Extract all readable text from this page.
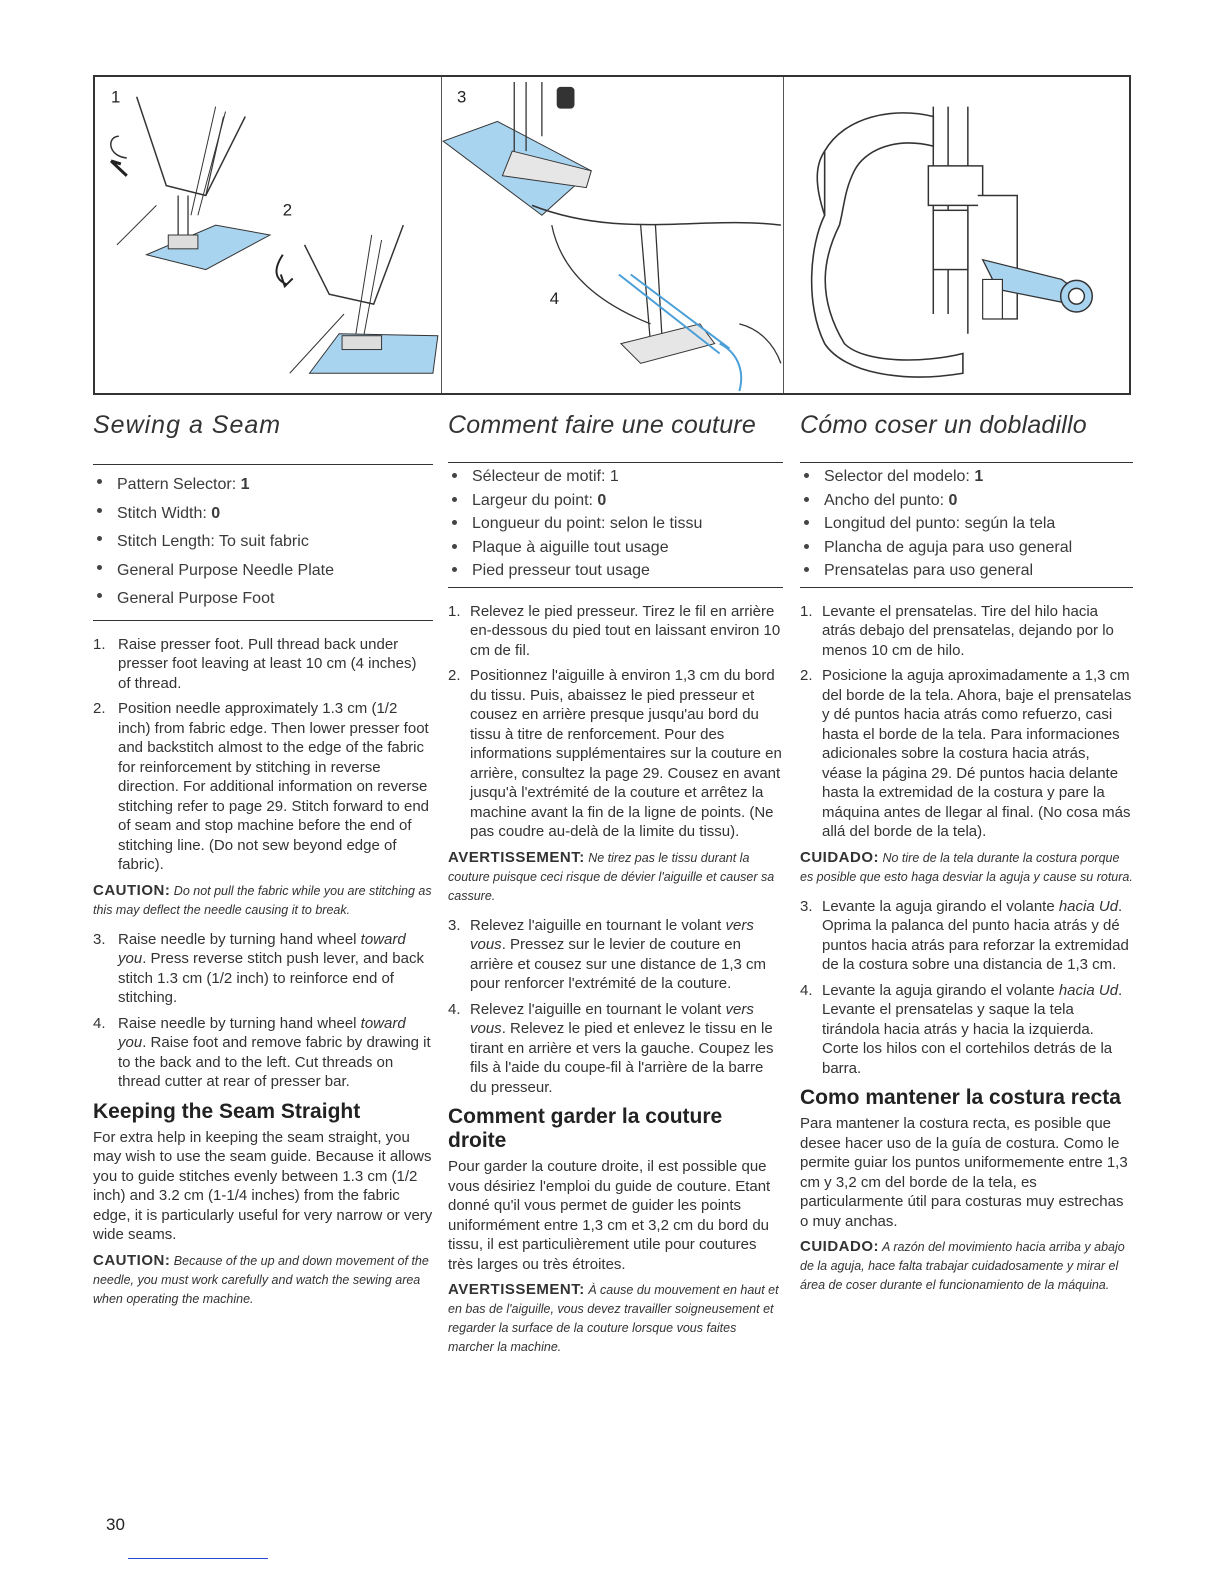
1
2
3
4
Sewing a Seam
Pattern Selector: 1
Stitch Width: 0
Stitch Length: To suit fabric
General Purpose Needle Plate
General Purpose Foot
1. Raise presser foot. Pull thread back under presser foot leaving at least 10 cm (4 inches) of thread.
2. Position needle approximately 1.3 cm (1/2 inch) from fabric edge. Then lower presser foot and backstitch almost to the edge of the fabric for reinforcement by stitching in reverse direction. For additional information on reverse stitching refer to page 29. Stitch forward to end of seam and stop machine before the end of stitching line. (Do not sew beyond edge of fabric).

CAUTION: Do not pull the fabric while you are stitching as this may deflect the needle causing it to break.

3. Raise needle by turning hand wheel toward you. Press reverse stitch push lever, and back stitch 1.3 cm (1/2 inch) to reinforce end of stitching.
4. Raise needle by turning hand wheel toward you. Raise foot and remove fabric by drawing it to the back and to the left. Cut threads on thread cutter at rear of presser bar.
Keeping the Seam Straight

For extra help in keeping the seam straight, you may wish to use the seam guide. Because it allows you to guide stitches evenly between 1.3 cm (1/2 inch) and 3.2 cm (1-1/4 inches) from the fabric edge, it is particularly useful for very narrow or very wide seams.

CAUTION: Because of the up and down movement of the needle, you must work carefully and watch the sewing area when operating the machine.

Comment faire une couture
Sélecteur de motif: 1
Largeur du point: 0
Longueur du point: selon le tissu
Plaque à aiguille tout usage
Pied presseur tout usage
1. Relevez le pied presseur. Tirez le fil en arrière en-dessous du pied tout en laissant environ 10 cm de fil.
2. Positionnez l'aiguille à environ 1,3 cm du bord du tissu. Puis, abaissez le pied presseur et cousez en arrière presque jusqu'au bord du tissu à titre de renforcement. Pour des informations supplémentaires sur la couture en arrière, consultez la page 29. Cousez en avant jusqu'à l'extrémité de la couture et arrêtez la machine avant la fin de la ligne de points. (Ne pas coudre au-delà de la limite du tissu).

AVERTISSEMENT: Ne tirez pas le tissu durant la couture puisque ceci risque de dévier l'aiguille et causer sa cassure.

3. Relevez l'aiguille en tournant le volant vers vous. Pressez sur le levier de couture en arrière et cousez sur une distance de 1,3 cm pour renforcer l'extrémité de la couture.
4. Relevez l'aiguille en tournant le volant vers vous. Relevez le pied et enlevez le tissu en le tirant en arrière et vers la gauche. Coupez les fils à l'aide du coupe-fil à l'arrière de la barre du presseur.
Comment garder la couture droite

Pour garder la couture droite, il est possible que vous désiriez l'emploi du guide de couture. Etant donné qu'il vous permet de guider les points uniformément entre 1,3 cm et 3,2 cm du bord du tissu, il est particulièrement utile pour coutures très larges ou très étroites.

AVERTISSEMENT: À cause du mouvement en haut et en bas de l'aiguille, vous devez travailler soigneusement et regarder la surface de la couture lorsque vous faites marcher la machine.

Cómo coser un dobladillo
Selector del modelo: 1
Ancho del punto: 0
Longitud del punto: según la tela
Plancha de aguja para uso general
Prensatelas para uso general
1. Levante el prensatelas. Tire del hilo hacia atrás debajo del prensatelas, dejando por lo menos 10 cm de hilo.
2. Posicione la aguja aproximadamente a 1,3 cm del borde de la tela. Ahora, baje el prensatelas y dé puntos hacia atrás como refuerzo, casi hasta el borde de la tela. Para informaciones adicionales sobre la costura hacia atrás, véase la página 29. Dé puntos hacia delante hasta la extremidad de la costura y pare la máquina antes de llegar al final. (No cosa más allá del borde de la tela).

CUIDADO: No tire de la tela durante la costura porque es posible que esto haga desviar la aguja y cause su rotura.

3. Levante la aguja girando el volante hacia Ud. Oprima la palanca del punto hacia atrás y dé puntos hacia atrás para reforzar la extremidad de la costura sobre una distancia de 1,3 cm.
4. Levante la aguja girando el volante hacia Ud. Levante el prensatelas y saque la tela tirándola hacia atrás y hacia la izquierda. Corte los hilos con el cortehilos detrás de la barra.
Como mantener la costura recta

Para mantener la costura recta, es posible que desee hacer uso de la guía de costura. Como le permite guiar los puntos uniformemente entre 1,3 cm y 3,2 cm del borde de la tela, es particularmente útil para costuras muy estrechas o muy anchas.

CUIDADO: A razón del movimiento hacia arriba y abajo de la aguja, hace falta trabajar cuidadosamente y mirar el área de coser durante el funcionamiento de la máquina.

30
